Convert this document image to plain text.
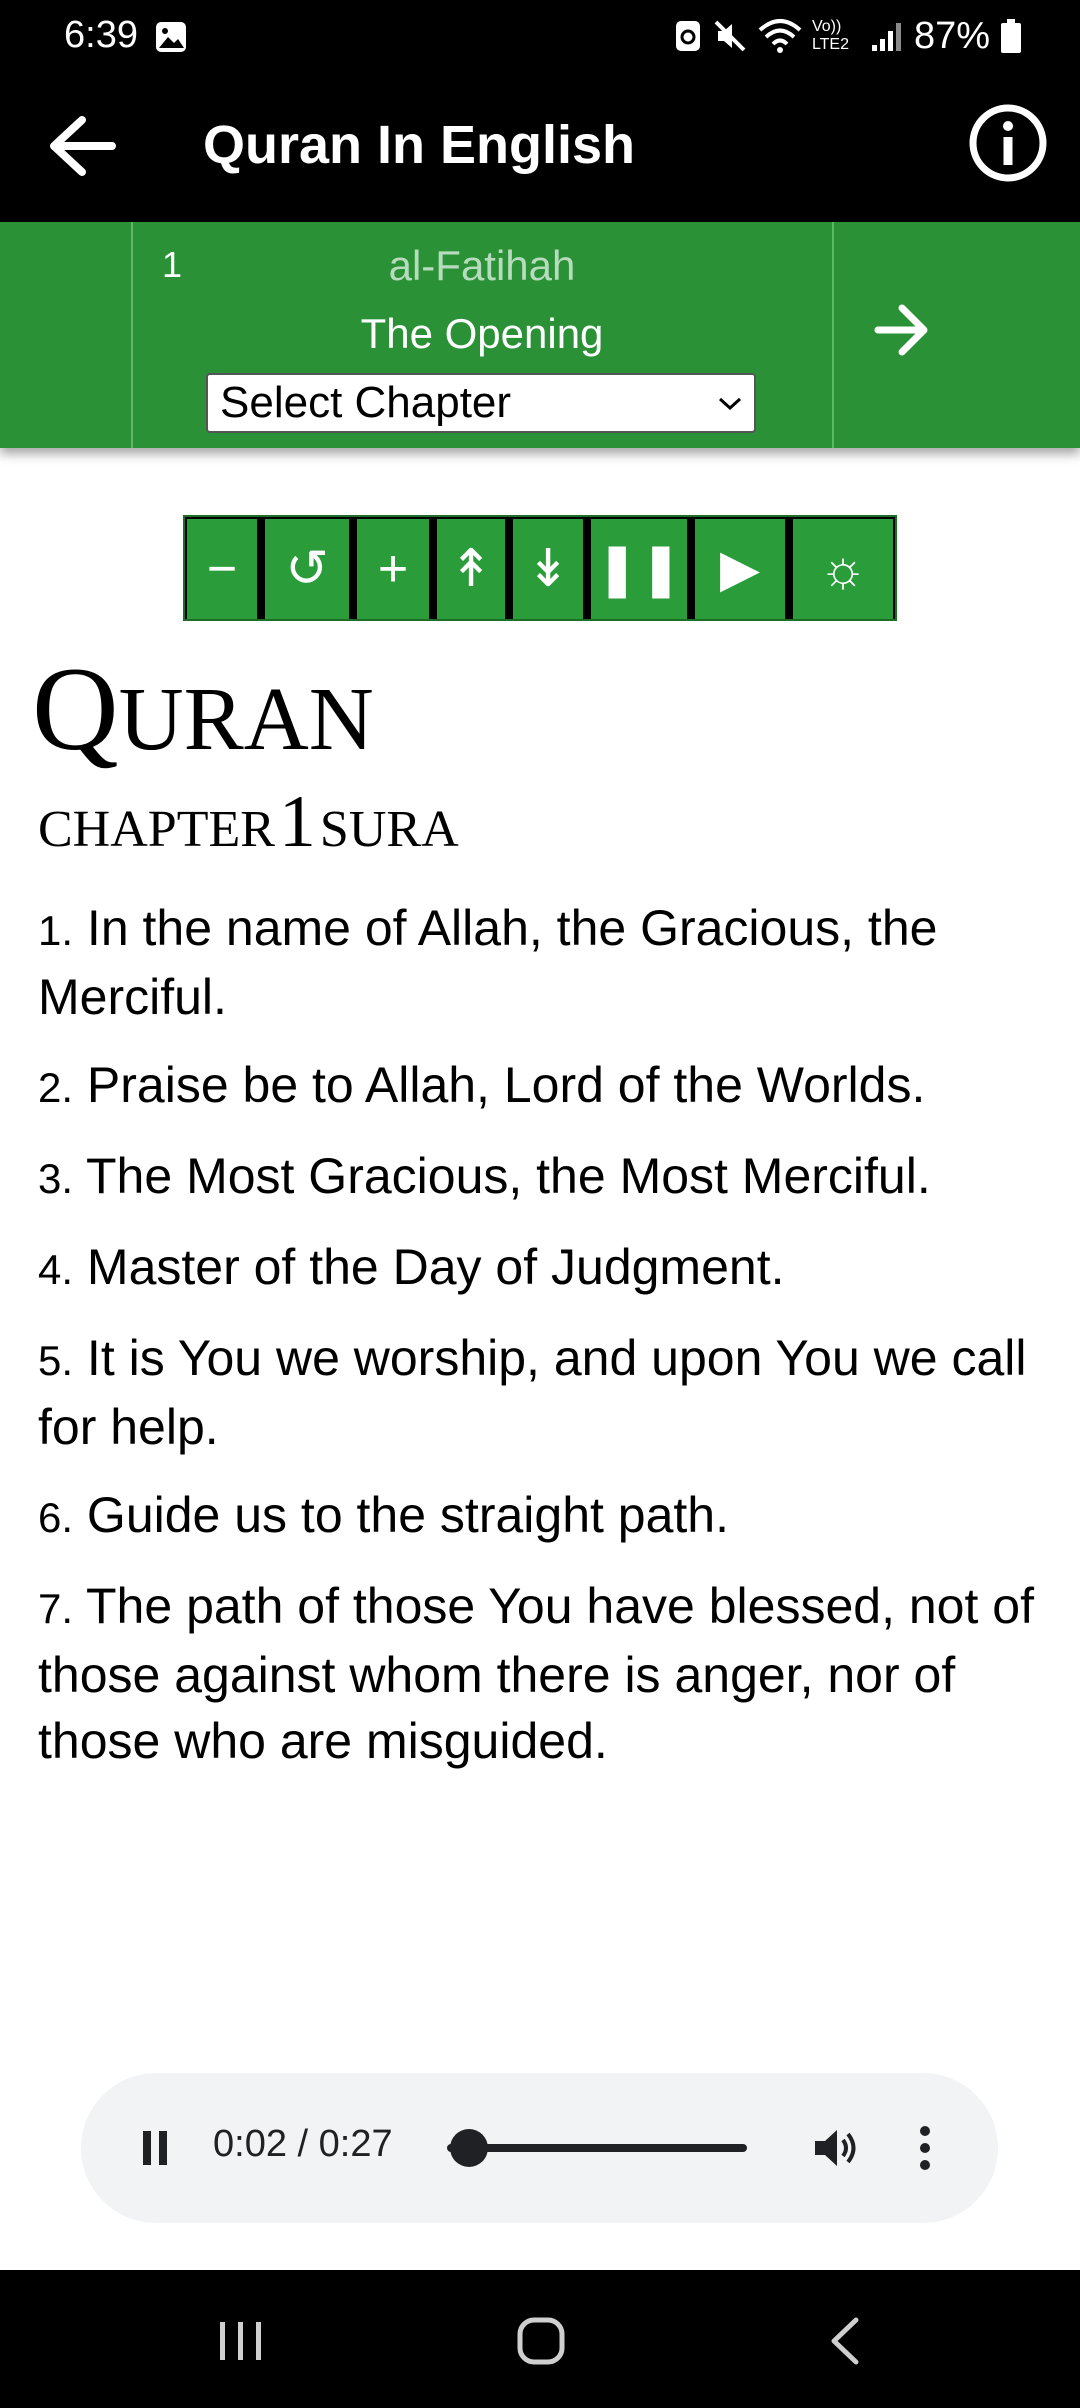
6:39	Vo)) LTE2 87%
Quran In English
1	al-Fatihah
The Opening
Select Chapter
− ↺ + ↟ ↡ ❚❚ ▶	☼
QURAN
CHAPTER 1 SURA
1. In the name of Allah, the Gracious, the Merciful.
2. Praise be to Allah, Lord of the Worlds.
3. The Most Gracious, the Most Merciful.
4. Master of the Day of Judgment.
5. It is You we worship, and upon You we call for help.
6. Guide us to the straight path.
7. The path of those You have blessed, not of those against whom there is anger, nor of those who are misguided.
0:02 / 0:27
